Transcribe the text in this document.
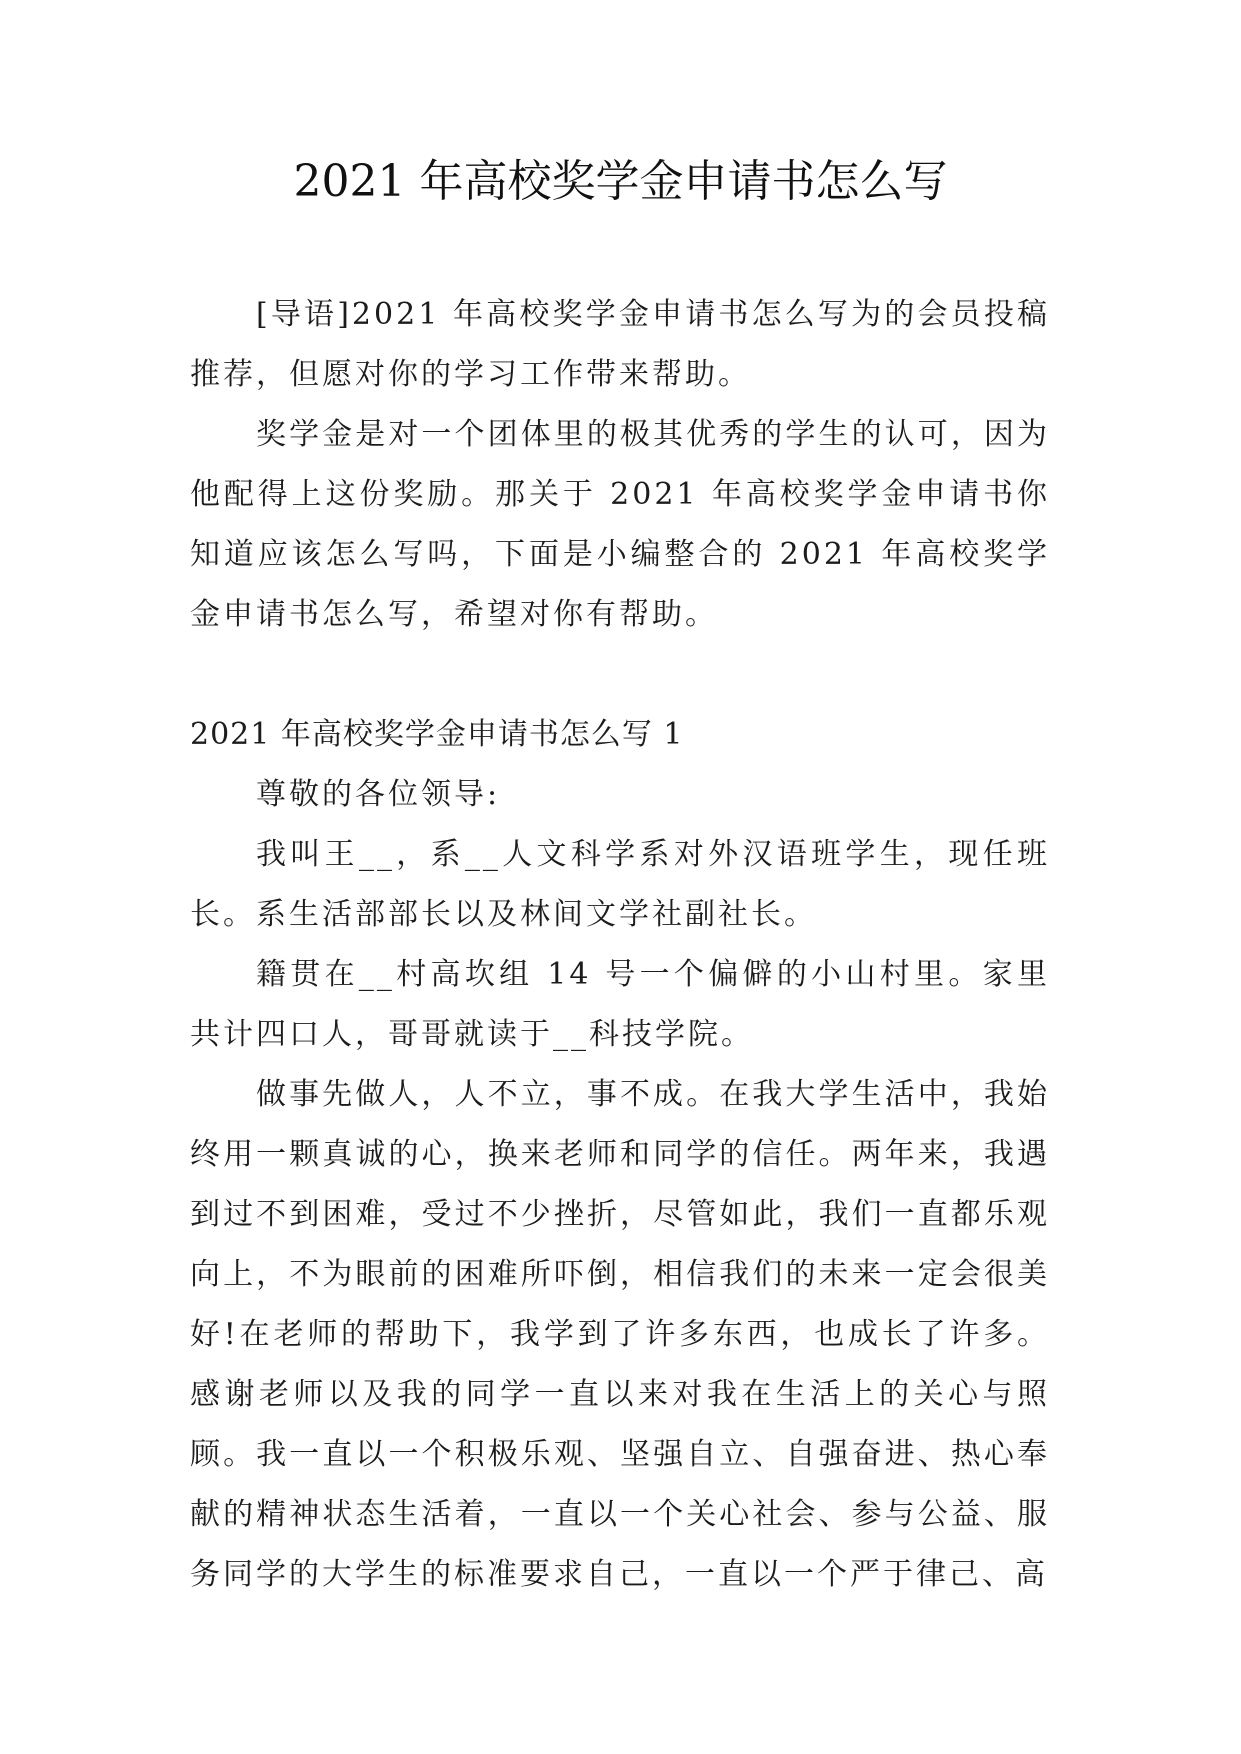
2021 年高校奖学金申请书怎么写

[导语]2021 年高校奖学金申请书怎么写为的会员投稿推荐，但愿对你的学习工作带来帮助。

奖学金是对一个团体里的极其优秀的学生的认可，因为他配得上这份奖励。那关于 2021 年高校奖学金申请书你知道应该怎么写吗，下面是小编整合的 2021 年高校奖学金申请书怎么写，希望对你有帮助。

2021 年高校奖学金申请书怎么写 1

尊敬的各位领导:

我叫王__，系__人文科学系对外汉语班学生，现任班长。系生活部部长以及林间文学社副社长。

籍贯在__村高坎组 14 号一个偏僻的小山村里。家里共计四口人，哥哥就读于__科技学院。

做事先做人，人不立，事不成。在我大学生活中，我始终用一颗真诚的心，换来老师和同学的信任。两年来，我遇到过不到困难，受过不少挫折，尽管如此，我们一直都乐观向上，不为眼前的困难所吓倒，相信我们的未来一定会很美好!在老师的帮助下，我学到了许多东西，也成长了许多。感谢老师以及我的同学一直以来对我在生活上的关心与照顾。我一直以一个积极乐观、坚强自立、自强奋进、热心奉献的精神状态生活着，一直以一个关心社会、参与公益、服务同学的大学生的标准要求自己，一直以一个严于律己、高
